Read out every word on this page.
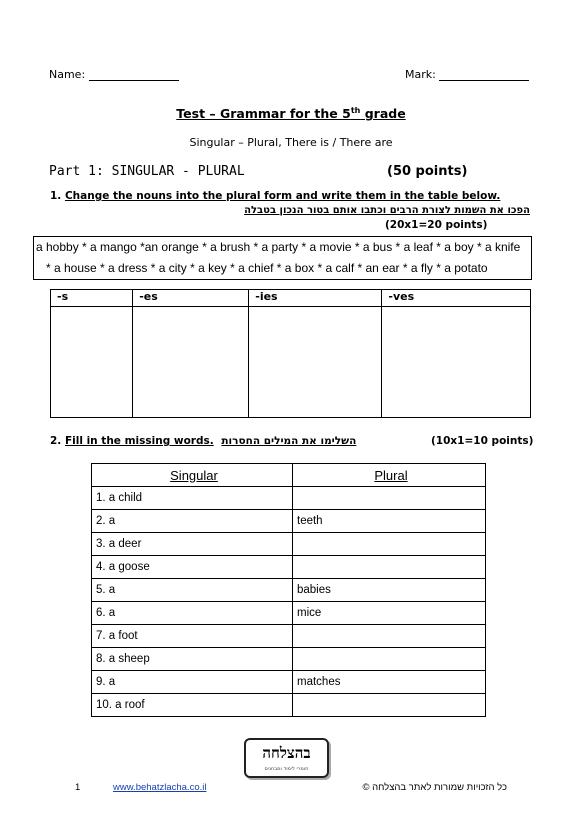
Name:	Mark:
Test – Grammar for the 5th grade
Singular – Plural, There is / There are
Part 1: SINGULAR - PLURAL	(50 points)
1. Change the nouns into the plural form and write them in the table below.
הפכו את השמות לצורת הרבים וכתבו אותם בטור הנכון בטבלה
(20x1=20 points)
a hobby * a mango *an orange * a brush * a party * a movie * a bus * a leaf * a boy * a knife
* a house * a dress * a city * a key * a chief * a box * a calf * an ear * a fly * a potato
-s	-es	-ies	-ves

2. Fill in the missing words. השלימו את המילים החסרות	(10x1=10 points)
Singular	Plural
1. a child	
2. a	teeth
3. a deer	
4. a goose	
5. a	babies
6. a	mice
7. a foot	
8. a sheep	
9. a	matches
10. a roof	
בהצלחה
חומרי לימוד ומבחנים
1	www.behatzlacha.co.il	כל הזכויות שמורות לאתר בהצלחה ©
